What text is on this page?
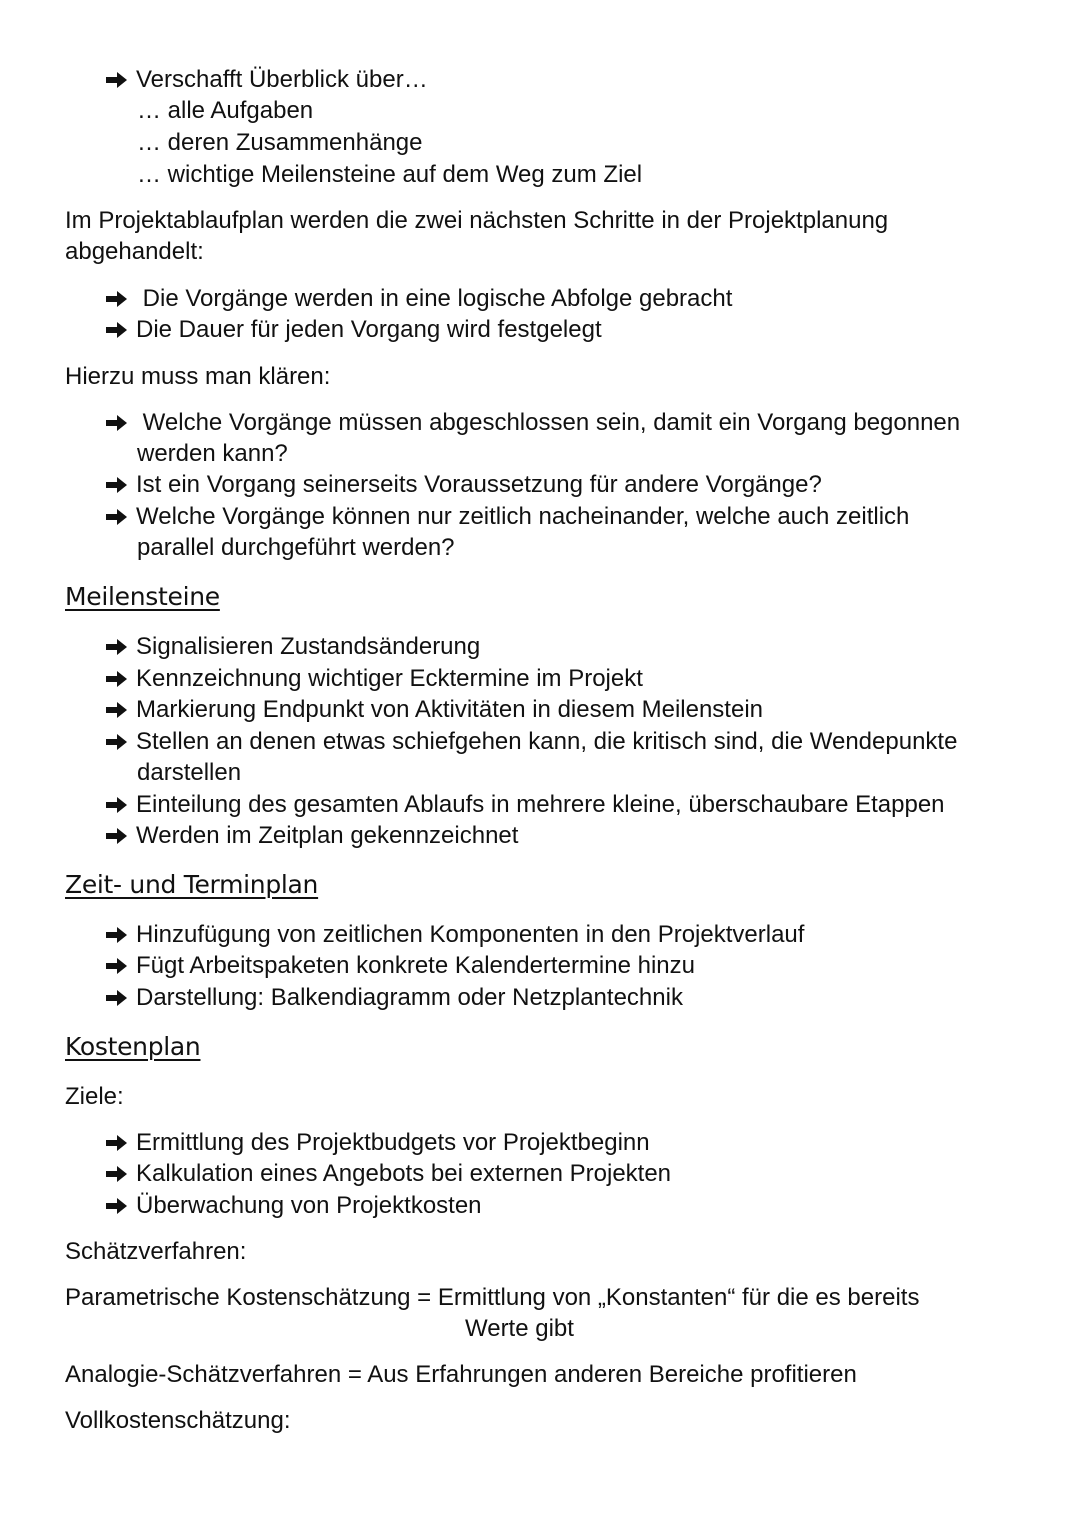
Verschafft Überblick über…
… alle Aufgaben
… deren Zusammenhänge
… wichtige Meilensteine auf dem Weg zum Ziel
Im Projektablaufplan werden die zwei nächsten Schritte in der Projektplanung
abgehandelt:
Die Vorgänge werden in eine logische Abfolge gebracht
Die Dauer für jeden Vorgang wird festgelegt
Hierzu muss man klären:
Welche Vorgänge müssen abgeschlossen sein, damit ein Vorgang begonnen
werden kann?
Ist ein Vorgang seinerseits Voraussetzung für andere Vorgänge?
Welche Vorgänge können nur zeitlich nacheinander, welche auch zeitlich
parallel durchgeführt werden?
Meilensteine
Signalisieren Zustandsänderung
Kennzeichnung wichtiger Ecktermine im Projekt
Markierung Endpunkt von Aktivitäten in diesem Meilenstein
Stellen an denen etwas schiefgehen kann, die kritisch sind, die Wendepunkte
darstellen
Einteilung des gesamten Ablaufs in mehrere kleine, überschaubare Etappen
Werden im Zeitplan gekennzeichnet
Zeit- und Terminplan
Hinzufügung von zeitlichen Komponenten in den Projektverlauf
Fügt Arbeitspaketen konkrete Kalendertermine hinzu
Darstellung: Balkendiagramm oder Netzplantechnik
Kostenplan
Ziele:
Ermittlung des Projektbudgets vor Projektbeginn
Kalkulation eines Angebots bei externen Projekten
Überwachung von Projektkosten
Schätzverfahren:
Parametrische Kostenschätzung = Ermittlung von „Konstanten“ für die es bereits
Werte gibt
Analogie-Schätzverfahren = Aus Erfahrungen anderen Bereiche profitieren
Vollkostenschätzung:
